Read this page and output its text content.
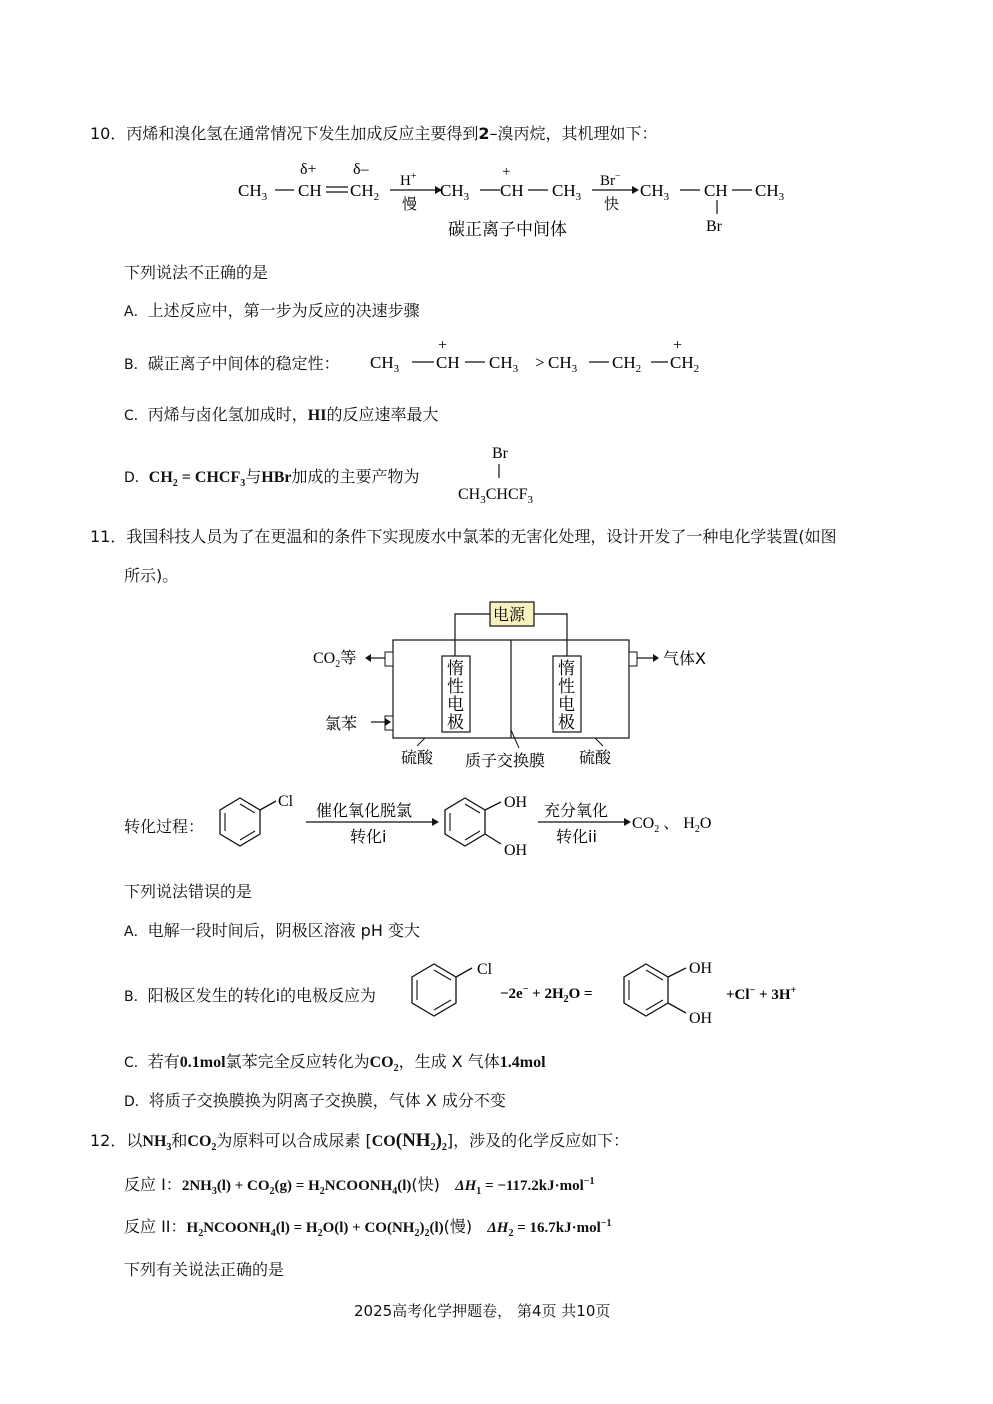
10．丙烯和溴化氢在通常情况下发生加成反应主要得到2–溴丙烷，其机理如下：
δ+ δ–
$CH_3$ CH $CH_2$
H+
慢
$CH_3$
+
CH $CH_3$
Br−
快
$CH_3$ CH $CH_3$
Br
碳正离子中间体
下列说法不正确的是
A．上述反应中，第一步为反应的决速步骤
B．碳正离子中间体的稳定性： $CH_3$
+
CH $CH_3 > CH_3$ $CH_2$
+
$CH_2$
C．丙烯与卤化氢加成时，HI的反应速率最大
D．$CH_2$ = $CHCF_3$与HBr加成的主要产物为
Br
$CH_3CHCF_3$
11．我国科技人员为了在更温和的条件下实现废水中氯苯的无害化处理，设计开发了一种电化学装置(如图
所示)。
电源
惰
性
电
极
惰
性
电
极
$CO_2$等
氯苯
气体X
硫酸 质子交换膜 硫酸
转化过程：
Cl 催化氧化脱氯
转化i
OH
OH
充分氧化
转化ii
$CO_2$ 、 $H_2O$
下列说法错误的是
A．电解一段时间后，阴极区溶液 pH 变大
B．阳极区发生的转化i的电极反应为
Cl
$-2e^- + 2H_2O$ =
OH
OH
+Cl− + 3H+
C．若有0.1mol氯苯完全反应转化为$CO_2$，生成 X 气体1.4mol
D．将质子交换膜换为阴离子交换膜，气体 X 成分不变
12．以$NH_3$和$CO_2$为原料可以合成尿素 $[CO(NH_2)_2]$，涉及的化学反应如下：
反应 I：$2NH_3(l) + CO_2(g)$ = $H_2NCOONH_4(l)$(快) $\Delta H_1 = -117.2kJ\cdot mol^{-1}$
反应 II：$H_2NCOONH_4(l) = H_2O(l) + CO(NH_2)_2(l)$(慢) $\Delta H_2 = 16.7kJ\cdot mol^{-1}$
下列有关说法正确的是
2025高考化学押题卷， 第4页 共10页
